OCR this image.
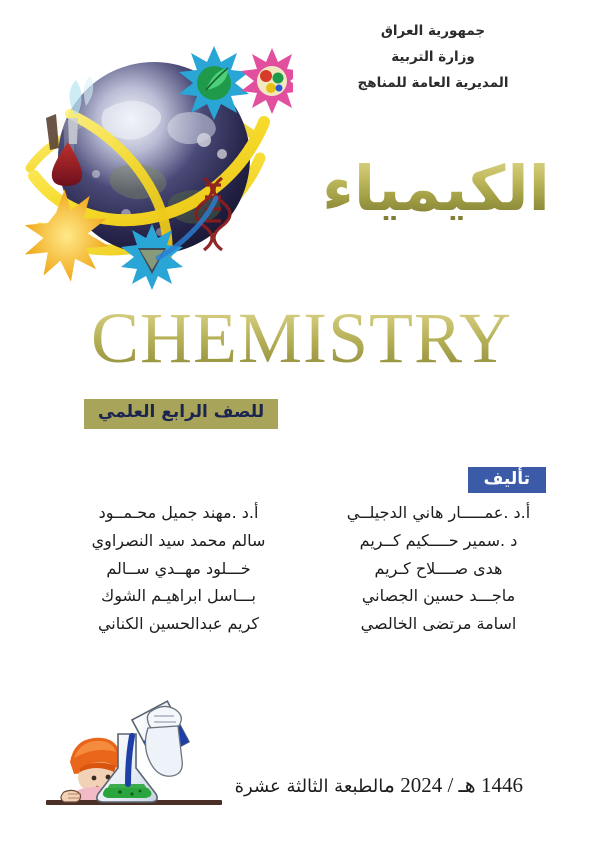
جمهورية العراق
وزارة التربية
المديرية العامة للمناهج
الكيمياء
CHEMISTRY
للصف الرابع العلمي
تأليف
أ.د .عمـــــار هاني الدجيلــي
أ.د .مهند جميل محـمــود
د .سمير حــــكيم كــريم
سالم محمد سيد النصراوي
هدى صــــلاح كـريم
خـــلود مهــدي ســالم
ماجـــد حسين الجصاني
بـــاسل ابراهيـم الشوك
اسامة مرتضى الخالصي
كريم عبدالحسين الكناني
1446 هـ / 2024 مالطبعة الثالثة عشرة
